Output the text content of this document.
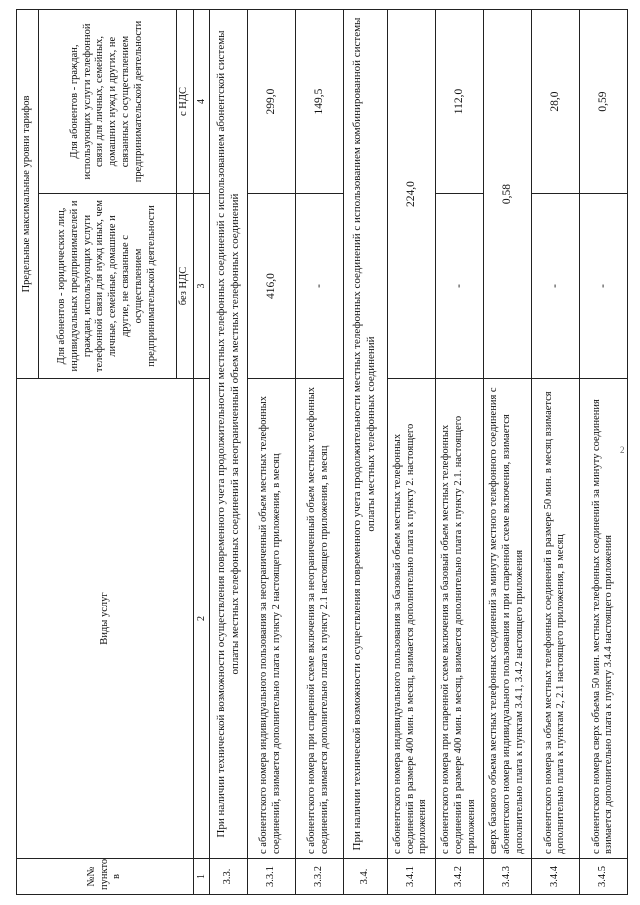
№№ пункто в	Виды услуг	Предельные максимальные уровни тарифов	
		Для абонентов - юридических лиц, индивидуальных предпринимателей и граждан, использующих услуги телефонной связи для нужд иных, чем личные, семейные, домашние и другие, не связанные с осуществлением предпринимательской деятельности	Для абонентов - граждан, использующих услуги телефонной связи для личных, семейных, домашних нужд и других, не связанных с осуществлением предпринимательской деятельности
		без НДС	с НДС
1	2	3	4
3.3.	При наличии технической возможности осуществления повременного учета продолжительности местных телефонных соединений с использованием абонентской системы оплаты местных телефонных соединений за неограниченный объем местных телефонных соединений		
3.3.1	с абонентского номера индивидуального пользования за неограниченный объем местных телефонных соединений, взимается дополнительно плата к пункту 2 настоящего приложения, в месяц	416,0	299,0
3.3.2	с абонентского номера при спаренной схеме включения за неограниченный объем местных телефонных соединений, взимается дополнительно плата к пункту 2.1 настоящего приложения, в месяц	-	149,5
3.4.	При наличии технической возможности осуществления повременного учета продолжительности местных телефонных соединений с использованием комбинированной системы оплаты местных телефонных соединений		
3.4.1	с абонентского номера индивидуального пользования за базовый объем местных телефонных соединений в размере 400 мин. в месяц, взимается дополнительно плата к пункту 2. настоящего приложения	224,0	
3.4.2	с абонентского номера при спаренной схеме включения за базовый объем местных телефонных соединений в размере 400 мин. в месяц, взимается дополнительно плата к пункту 2.1. настоящего приложения	-	112,0
3.4.3	сверх базового объема местных телефонных соединений за минуту местного телефонного соединения с абонентского номера индивидуального пользования и при спаренной схеме включения, взимается дополнительно плата к пунктам 3.4.1, 3.4.2 настоящего приложения	0,58	
3.4.4	с абонентского номера за объем местных телефонных соединений в размере 50 мин. в месяц взимается дополнительно плата к пунктам 2, 2.1 настоящего приложения, в месяц	-	28,0
3.4.5	с абонентского номера сверх объема 50 мин. местных телефонных соединений за минуту соединения взимается дополнительно плата к пункту 3.4.4 настоящего приложения	-	0,59
2
